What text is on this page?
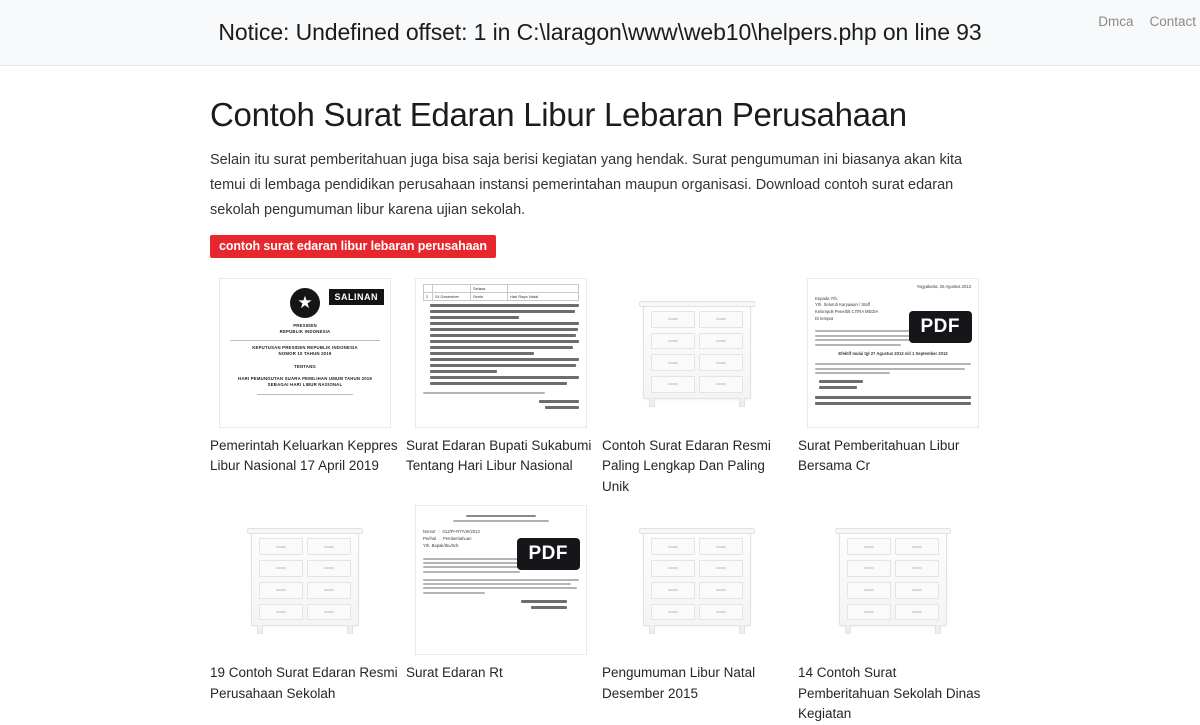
Notice: Undefined offset: 1 in C:\laragon\www\web10\helpers.php on line 93	Dmca Contact
Contoh Surat Edaran Libur Lebaran Perusahaan

Selain itu surat pemberitahuan juga bisa saja berisi kegiatan yang hendak. Surat pengumuman ini biasanya akan kita temui di lembaga pendidikan perusahaan instansi pemerintahan maupun organisasi. Download contoh surat edaran sekolah pengumuman libur karena ujian sekolah.

contoh surat edaran libur lebaran perusahaan
SALINAN
★
PRESIDEN
REPUBLIK INDONESIA
KEPUTUSAN PRESIDEN REPUBLIK INDONESIA
NOMOR 10 TAHUN 2019
TENTANG
HARI PEMUNGUTAN SUARA PEMILIHAN UMUM TAHUN 2019
SEBAGAI HARI LIBUR NASIONAL
Pemerintah Keluarkan Keppres Libur Nasional 17 April 2019
		Selasa	
2	24 Desember	Senin	Hari Raya Natal
Surat Edaran Bupati Sukabumi Tentang Hari Libur Nasional
Contoh Surat Edaran Resmi Paling Lengkap Dan Paling Unik
Yogyakarta, 25 Agustus 2013
Kepada Yth,
Yth. Seluruh Karyawan / Staff
Kelompok Penerbit CITRA MEDIA
Di tempat
Efektif mulai tgl 27 Agustus 2013 s/d 1 September 2013
PDF
Surat Pemberitahuan Libur Bersama Cr
19 Contoh Surat Edaran Resmi Perusahaan Sekolah
Nomor   :  012/Pr-RT/VIII/2013
Perihal   :  Pemberitahuan
Yth. Bapak/Ibu/Sdr.	PDF
Surat Edaran Rt	Pengumuman Libur Natal Desember 2015
14 Contoh Surat Pemberitahuan Sekolah Dinas Kegiatan
